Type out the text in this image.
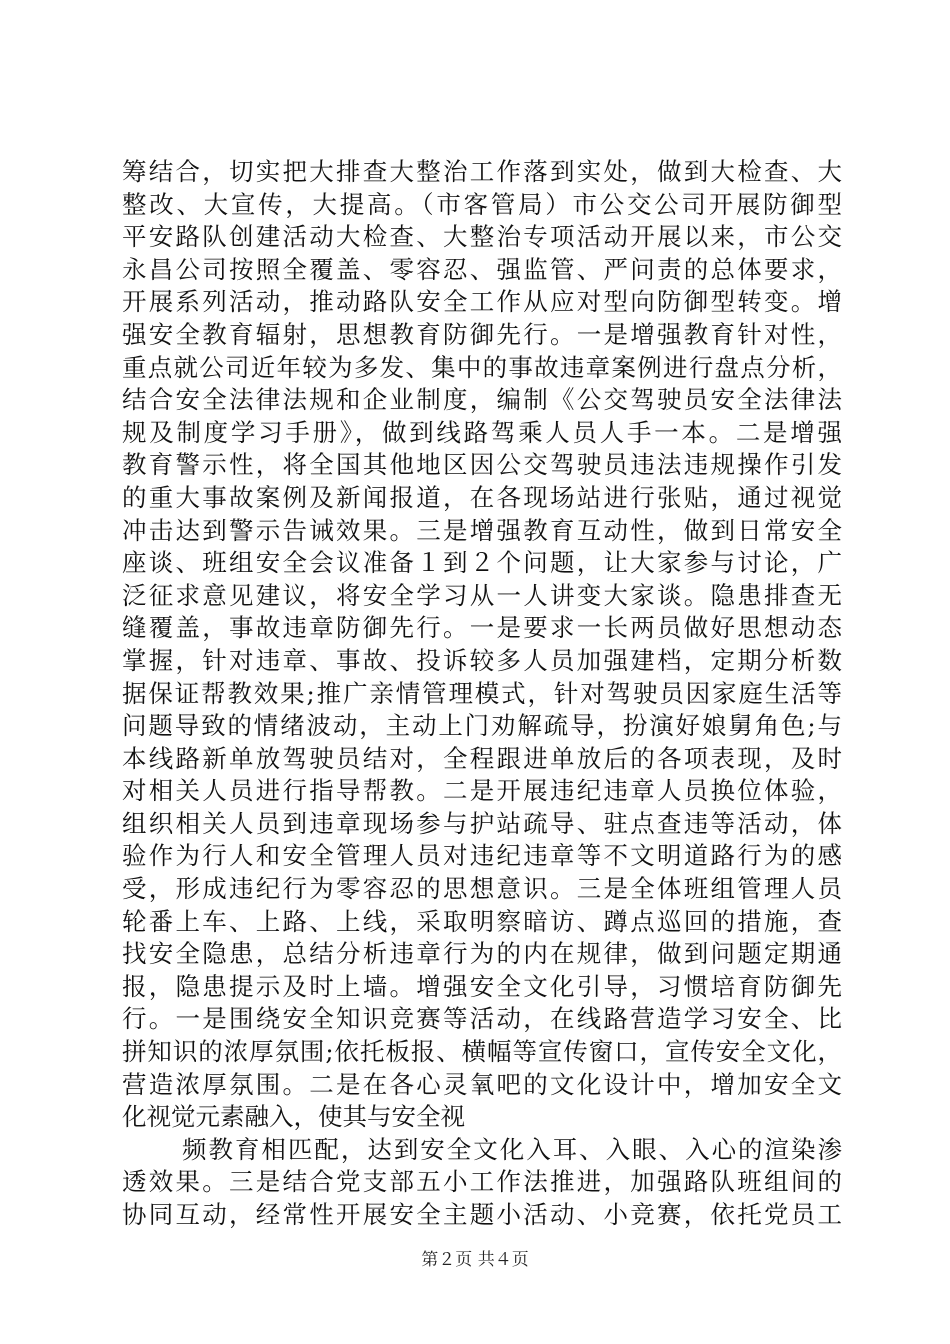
筹结合，切实把大排查大整治工作落到实处，做到大检查、大
整改、大宣传，大提高。（市客管局）市公交公司开展防御型
平安路队创建活动大检查、大整治专项活动开展以来，市公交
永昌公司按照全覆盖、零容忍、强监管、严问责的总体要求，
开展系列活动，推动路队安全工作从应对型向防御型转变。增
强安全教育辐射，思想教育防御先行。一是增强教育针对性，
重点就公司近年较为多发、集中的事故违章案例进行盘点分析，
结合安全法律法规和企业制度，编制《公交驾驶员安全法律法
规及制度学习手册》，做到线路驾乘人员人手一本。二是增强
教育警示性，将全国其他地区因公交驾驶员违法违规操作引发
的重大事故案例及新闻报道，在各现场站进行张贴，通过视觉
冲击达到警示告诫效果。三是增强教育互动性，做到日常安全
座谈、班组安全会议准备１到２个问题，让大家参与讨论，广
泛征求意见建议，将安全学习从一人讲变大家谈。隐患排查无
缝覆盖，事故违章防御先行。一是要求一长两员做好思想动态
掌握，针对违章、事故、投诉较多人员加强建档，定期分析数
据保证帮教效果;推广亲情管理模式，针对驾驶员因家庭生活等
问题导致的情绪波动，主动上门劝解疏导，扮演好娘舅角色;与
本线路新单放驾驶员结对，全程跟进单放后的各项表现，及时
对相关人员进行指导帮教。二是开展违纪违章人员换位体验，
组织相关人员到违章现场参与护站疏导、驻点查违等活动，体
验作为行人和安全管理人员对违纪违章等不文明道路行为的感
受，形成违纪行为零容忍的思想意识。三是全体班组管理人员
轮番上车、上路、上线，采取明察暗访、蹲点巡回的措施，查
找安全隐患，总结分析违章行为的内在规律，做到问题定期通
报，隐患提示及时上墙。增强安全文化引导，习惯培育防御先
行。一是围绕安全知识竞赛等活动，在线路营造学习安全、比
拼知识的浓厚氛围;依托板报、横幅等宣传窗口，宣传安全文化，
营造浓厚氛围。二是在各心灵氧吧的文化设计中，增加安全文
化视觉元素融入，使其与安全视
频教育相匹配，达到安全文化入耳、入眼、入心的渲染渗
透效果。三是结合党支部五小工作法推进，加强路队班组间的
协同互动，经常性开展安全主题小活动、小竞赛，依托党员工
第２页 共４页
